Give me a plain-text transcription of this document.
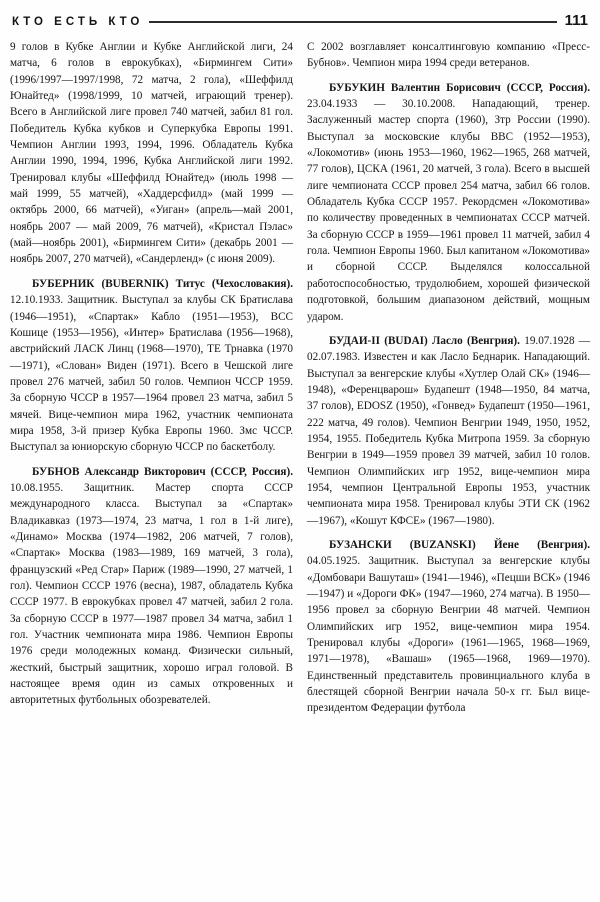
КТО ЕСТЬ КТО	111

9 голов в Кубке Англии и Кубке Английской лиги, 24 матча, 6 голов в еврокубках), «Бирмингем Сити» (1996/1997—1997/1998, 72 матча, 2 гола), «Шеффилд Юнайтед» (1998/1999, 10 матчей, играющий тренер). Всего в Английской лиге провел 740 матчей, забил 81 гол. Победитель Кубка кубков и Суперкубка Европы 1991. Чемпион Англии 1993, 1994, 1996. Обладатель Кубка Англии 1990, 1994, 1996, Кубка Английской лиги 1992. Тренировал клубы «Шеффилд Юнайтед» (июль 1998 — май 1999, 55 матчей), «Хаддерсфилд» (май 1999 — октябрь 2000, 66 матчей), «Уиган» (апрель—май 2001, ноябрь 2007 — май 2009, 76 матчей), «Кристал Пэлас» (май—ноябрь 2001), «Бирмингем Сити» (декабрь 2001 — ноябрь 2007, 270 матчей), «Сандерленд» (с июня 2009).

БУБЕРНИК (BUBERNIK) Титус (Чехословакия).12.10.1933. Защитник. Выступал за клубы СК Братислава (1946—1951), «Спартак» Кабло (1951—1953), ВСС Кошице (1953—1956), «Интер» Братислава (1956—1968), австрийский ЛАСК Линц (1968—1970), ТЕ Трнавка (1970—1971), «Слован» Виден (1971). Всего в Чешской лиге провел 276 матчей, забил 50 голов. Чемпион ЧССР 1959. За сборную ЧССР в 1957—1964 провел 23 матча, забил 5 мячей. Вице-чемпион мира 1962, участник чемпионата мира 1958, 3-й призер Кубка Европы 1960. Змс ЧССР. Выступал за юниорскую сборную ЧССР по баскетболу.

БУБНОВ Александр Викторович (СССР, Россия).10.08.1955. Защитник. Мастер спорта СССР международного класса. Выступал за «Спартак» Владикавказ (1973—1974, 23 матча, 1 гол в 1-й лиге), «Динамо» Москва (1974—1982, 206 матчей, 7 голов), «Спартак» Москва (1983—1989, 169 матчей, 3 гола), французский «Ред Стар» Париж (1989—1990, 27 матчей, 1 гол). Чемпион СССР 1976 (весна), 1987, обладатель Кубка СССР 1977. В еврокубках провел 47 матчей, забил 2 гола. За сборную СССР в 1977—1987 провел 34 матча, забил 1 гол. Участник чемпионата мира 1986. Чемпион Европы 1976 среди молодежных команд. Физически сильный, жесткий, быстрый защитник, хорошо играл головой. В настоящее время один из самых откровенных и авторитетных футбольных обозревателей.

С 2002 возглавляет консалтинговую компанию «Пресс-Бубнов». Чемпион мира 1994 среди ветеранов.

БУБУКИН Валентин Борисович (СССР, Россия).23.04.1933 — 30.10.2008. Нападающий, тренер. Заслуженный мастер спорта (1960), Зтр России (1990). Выступал за московские клубы ВВС (1952—1953), «Локомотив» (июнь 1953—1960, 1962—1965, 268 матчей, 77 голов), ЦСКА (1961, 20 матчей, 3 гола). Всего в высшей лиге чемпионата СССР провел 254 матча, забил 66 голов. Обладатель Кубка СССР 1957. Рекордсмен «Локомотива» по количеству проведенных в чемпионатах СССР матчей. За сборную СССР в 1959—1961 провел 11 матчей, забил 4 гола. Чемпион Европы 1960. Был капитаном «Локомотива» и сборной СССР. Выделялся колоссальной работоспособностью, трудолюбием, хорошей физической подготовкой, большим диапазоном действий, мощным ударом.

БУДАИ-II (BUDAI) Ласло (Венгрия). 19.07.1928 — 02.07.1983. Известен и как Ласло Беднарик. Нападающий. Выступал за венгерские клубы «Хутлер Олай СК» (1946—1948), «Ференцварош» Будапешт (1948—1950, 84 матча, 37 голов), EDOSZ (1950), «Гонвед» Будапешт (1950—1961, 222 матча, 49 голов). Чемпион Венгрии 1949, 1950, 1952, 1954, 1955. Победитель Кубка Митропа 1959. За сборную Венгрии в 1949—1959 провел 39 матчей, забил 10 голов. Чемпион Олимпийских игр 1952, вице-чемпион мира 1954, чемпион Центральной Европы 1953, участник чемпионата мира 1958. Тренировал клубы ЭТИ СК (1962—1967), «Кошут КФСЕ» (1967—1980).

БУЗАНСКИ (BUZANSKI) Йене (Венгрия).04.05.1925. Защитник. Выступал за венгерские клубы «Домбовари Вашуташ» (1941—1946), «Пецши ВСК» (1946—1947) и «Дороги ФК» (1947—1960, 274 матча). В 1950—1956 провел за сборную Венгрии 48 матчей. Чемпион Олимпийских игр 1952, вице-чемпион мира 1954. Тренировал клубы «Дороги» (1961—1965, 1968—1969, 1971—1978), «Вашаш» (1965—1968, 1969—1970). Единственный представитель провинциального клуба в блестящей сборной Венгрии начала 50-х гг. Был вице-президентом Федерации футбола
